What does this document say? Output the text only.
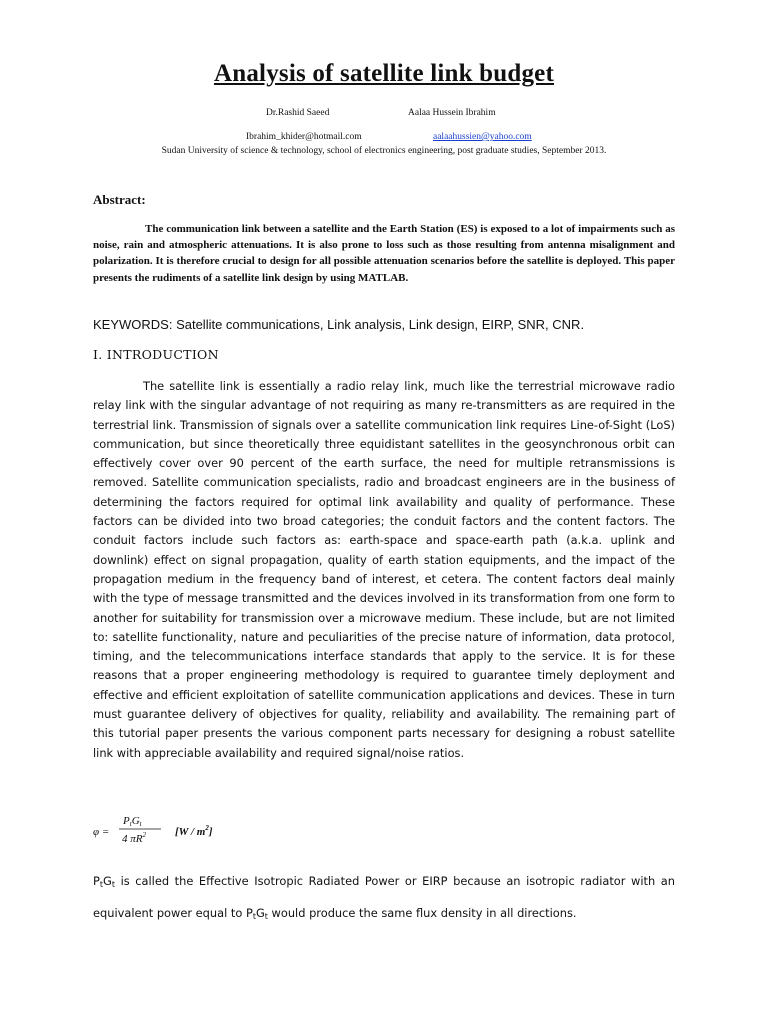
Analysis of satellite link budget
Dr.Rashid Saeed	Aalaa Hussein Ibrahim
Ibrahim_khider@hotmail.com	aalaahussien@yahoo.com
Sudan University of science & technology, school of electronics engineering, post graduate studies, September 2013.
Abstract:

The communication link between a satellite and the Earth Station (ES) is exposed to a lot of impairments such as noise, rain and atmospheric attenuations. It is also prone to loss such as those resulting from antenna misalignment and polarization. It is therefore crucial to design for all possible attenuation scenarios before the satellite is deployed. This paper presents the rudiments of a satellite link design by using MATLAB.

KEYWORDS: Satellite communications, Link analysis, Link design, EIRP, SNR, CNR.
I. INTRODUCTION

The satellite link is essentially a radio relay link, much like the terrestrial microwave radio relay link with the singular advantage of not requiring as many re-transmitters as are required in the terrestrial link. Transmission of signals over a satellite communication link requires Line-of-Sight (LoS) communication, but since theoretically three equidistant satellites in the geosynchronous orbit can effectively cover over 90 percent of the earth surface, the need for multiple retransmissions is removed. Satellite communication specialists, radio and broadcast engineers are in the business of determining the factors required for optimal link availability and quality of performance. These factors can be divided into two broad categories; the conduit factors and the content factors. The conduit factors include such factors as: earth-space and space-earth path (a.k.a. uplink and downlink) effect on signal propagation, quality of earth station equipments, and the impact of the propagation medium in the frequency band of interest, et cetera. The content factors deal mainly with the type of message transmitted and the devices involved in its transformation from one form to another for suitability for transmission over a microwave medium. These include, but are not limited to: satellite functionality, nature and peculiarities of the precise nature of information, data protocol, timing, and the telecommunications interface standards that apply to the service. It is for these reasons that a proper engineering methodology is required to guarantee timely deployment and effective and efficient exploitation of satellite communication applications and devices. These in turn must guarantee delivery of objectives for quality, reliability and availability. The remaining part of this tutorial paper presents the various component parts necessary for designing a robust satellite link with appreciable availability and required signal/noise ratios.

φ =
PtGt
4 $\pi R^2$	$[W / m^2]$

$P_tG_t$ is called the Effective Isotropic Radiated Power or EIRP because an isotropic radiator with an equivalent power equal to $P_tG_t$ would produce the same flux density in all directions.
